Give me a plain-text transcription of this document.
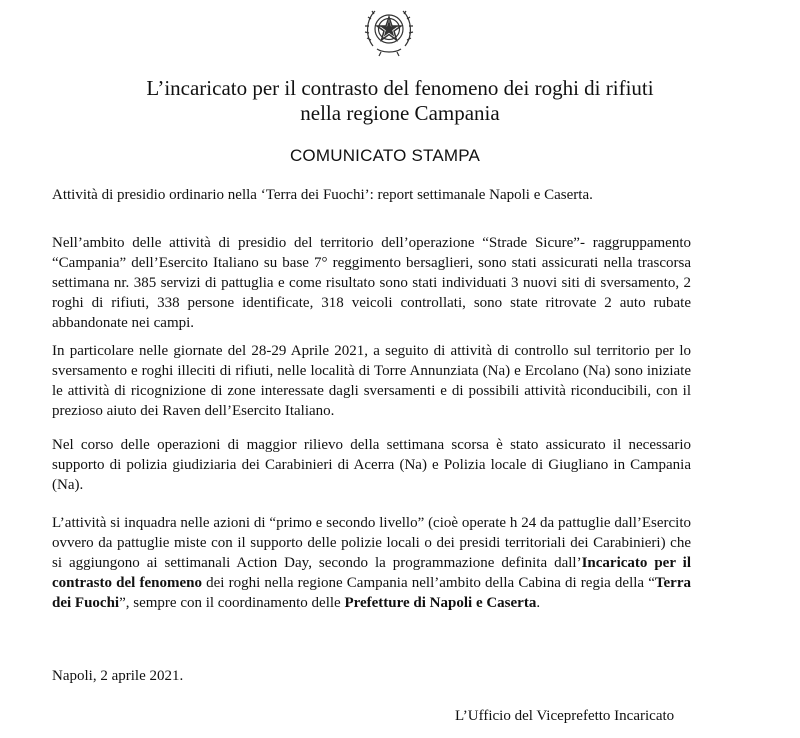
L’incaricato per il contrasto del fenomeno dei roghi di rifiuti
nella regione Campania
COMUNICATO STAMPA

Attività di presidio ordinario nella ‘Terra dei Fuochi’: report settimanale Napoli e Caserta.

Nell’ambito delle attività di presidio del territorio dell’operazione “Strade Sicure”- raggruppamento “Campania” dell’Esercito Italiano su base 7° reggimento bersaglieri, sono stati assicurati nella trascorsa settimana nr. 385 servizi di pattuglia e come risultato sono stati individuati 3 nuovi siti di sversamento, 2 roghi di rifiuti, 338 persone identificate, 318 veicoli controllati, sono state ritrovate 2 auto rubate abbandonate nei campi.

In particolare nelle giornate del 28-29 Aprile 2021, a seguito di attività di controllo sul territorio per lo sversamento e roghi illeciti di rifiuti, nelle località di Torre Annunziata (Na) e Ercolano (Na) sono iniziate le attività di ricognizione di zone interessate dagli sversamenti e di possibili attività riconducibili, con il prezioso aiuto dei Raven dell’Esercito Italiano.

Nel corso delle operazioni di maggior rilievo della settimana scorsa è stato assicurato il necessario supporto di polizia giudiziaria dei Carabinieri di Acerra (Na) e Polizia locale di Giugliano in Campania (Na).

L’attività si inquadra nelle azioni di “primo e secondo livello” (cioè operate h 24 da pattuglie dall’Esercito ovvero da pattuglie miste con il supporto delle polizie locali o dei presidi territoriali dei Carabinieri) che si aggiungono ai settimanali Action Day, secondo la programmazione definita dall’Incaricato per il contrasto del fenomeno dei roghi nella regione Campania nell’ambito della Cabina di regia della “Terra dei Fuochi”, sempre con il coordinamento delle Prefetture di Napoli e Caserta.

Napoli, 2 aprile 2021.
L’Ufficio del Viceprefetto Incaricato
